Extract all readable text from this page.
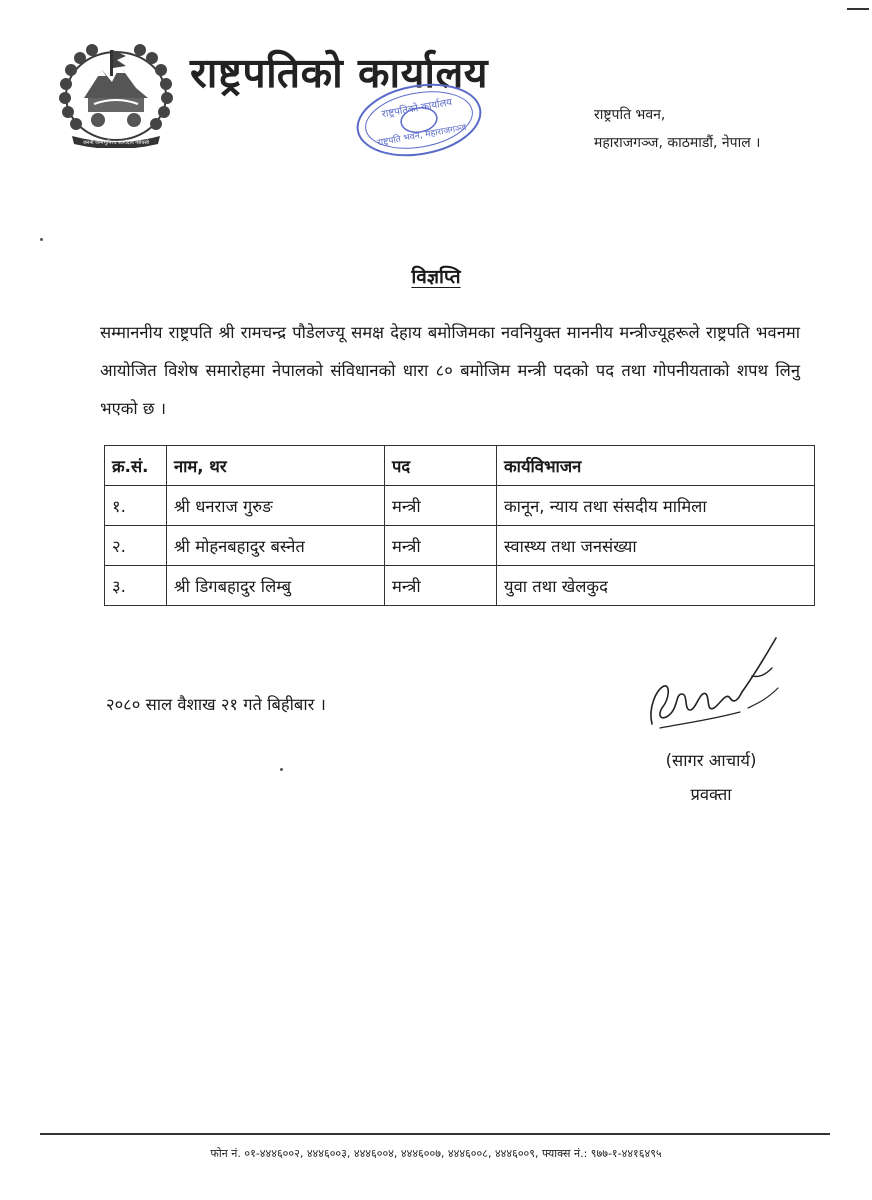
जननी जन्मभूमिश्च स्वर्गादपि गरीयसी
राष्ट्रपतिको कार्यालय
राष्ट्रपतिको कार्यालय
राष्ट्रपति भवन, महाराजगञ्ज
राष्ट्रपति भवन,
महाराजगञ्ज, काठमाडौं, नेपाल ।
विज्ञप्ति
सम्माननीय राष्ट्रपति श्री रामचन्द्र पौडेलज्यू समक्ष देहाय बमोजिमका नवनियुक्त माननीय मन्त्रीज्यूहरूले राष्ट्रपति भवनमा आयोजित विशेष समारोहमा नेपालको संविधानको धारा ८० बमोजिम मन्त्री पदको पद तथा गोपनीयताको शपथ लिनु भएको छ ।
क्र.सं.	नाम, थर	पद	कार्यविभाजन
१.	श्री धनराज गुरुङ	मन्त्री	कानून, न्याय तथा संसदीय मामिला
२.	श्री मोहनबहादुर बस्नेत	मन्त्री	स्वास्थ्य तथा जनसंख्या
३.	श्री डिगबहादुर लिम्बु	मन्त्री	युवा तथा खेलकुद
२०८० साल वैशाख २१ गते बिहीबार ।
(सागर आचार्य)
प्रवक्ता
फोन नं. ०१-४४४६००२, ४४४६००३, ४४४६००४, ४४४६००७, ४४४६००८, ४४४६००९, फ्याक्स नं.: ९७७-१-४४१६४९५
